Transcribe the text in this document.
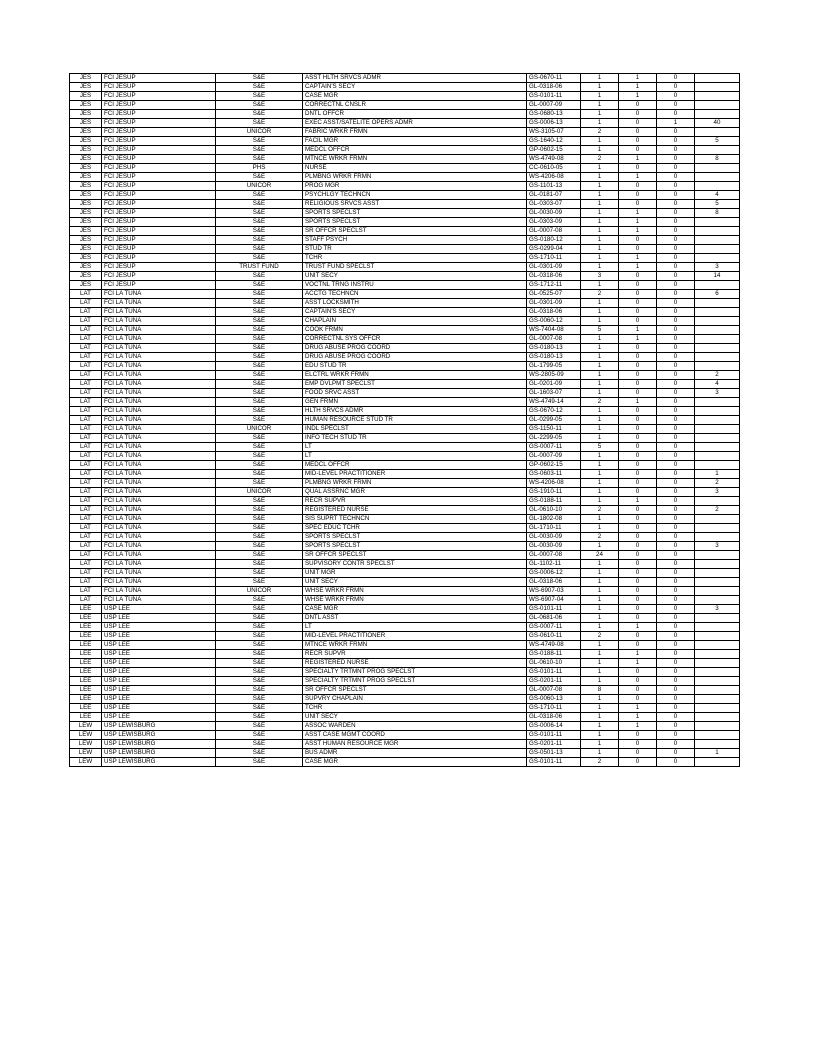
JES	FCI JESUP	S&E	ASST HLTH SRVCS ADMR	GS-0670-11	1	1	0	
JES	FCI JESUP	S&E	CAPTAIN'S SECY	GL-0318-06	1	1	0	
JES	FCI JESUP	S&E	CASE MGR	GS-0101-11	1	1	0	
JES	FCI JESUP	S&E	CORRECTNL CNSLR	GL-0007-09	1	0	0	
JES	FCI JESUP	S&E	DNTL OFFCR	GS-0680-13	1	0	0	
JES	FCI JESUP	S&E	EXEC ASST/SATELITE OPERS ADMR	GS-0006-13	1	0	1	40
JES	FCI JESUP	UNICOR	FABRIC WRKR FRMN	WS-3105-07	2	0	0	
JES	FCI JESUP	S&E	FACIL MGR	GS-1640-12	1	0	0	5
JES	FCI JESUP	S&E	MEDCL OFFCR	GP-0602-15	1	0	0	
JES	FCI JESUP	S&E	MTNCE WRKR FRMN	WS-4749-08	2	1	0	8
JES	FCI JESUP	PHS	NURSE	CC-0610-05	1	0	0	
JES	FCI JESUP	S&E	PLMBNG WRKR FRMN	WS-4206-08	1	1	0	
JES	FCI JESUP	UNICOR	PROG MGR	GS-1101-13	1	0	0	
JES	FCI JESUP	S&E	PSYCHLGY TECHNCN	GL-0181-07	1	0	0	4
JES	FCI JESUP	S&E	RELIGIOUS SRVCS ASST	GL-0303-07	1	0	0	5
JES	FCI JESUP	S&E	SPORTS SPECLST	GL-0030-09	1	1	0	8
JES	FCI JESUP	S&E	SPORTS SPECLST	GL-0303-09	1	1	0	
JES	FCI JESUP	S&E	SR OFFCR SPECLST	GL-0007-08	1	1	0	
JES	FCI JESUP	S&E	STAFF PSYCH	GS-0180-12	1	0	0	
JES	FCI JESUP	S&E	STUD TR	GS-0299-04	1	0	0	
JES	FCI JESUP	S&E	TCHR	GS-1710-11	1	1	0	
JES	FCI JESUP	TRUST FUND	TRUST FUND SPECLST	GL-0301-09	1	1	0	3
JES	FCI JESUP	S&E	UNIT SECY	GL-0318-06	3	0	0	14
JES	FCI JESUP	S&E	VOCTNL TRNG INSTRU	GS-1712-11	1	0	0	
LAT	FCI LA TUNA	S&E	ACCTG TECHNCN	GL-0525-07	2	0	0	6
LAT	FCI LA TUNA	S&E	ASST LOCKSMITH	GL-0301-09	1	0	0	
LAT	FCI LA TUNA	S&E	CAPTAIN'S SECY	GL-0318-06	1	0	0	
LAT	FCI LA TUNA	S&E	CHAPLAIN	GS-0060-12	1	0	0	
LAT	FCI LA TUNA	S&E	COOK FRMN	WS-7404-08	5	1	0	
LAT	FCI LA TUNA	S&E	CORRECTNL SYS OFFCR	GL-0007-08	1	1	0	
LAT	FCI LA TUNA	S&E	DRUG ABUSE PROG COORD	GS-0180-13	1	0	0	
LAT	FCI LA TUNA	S&E	DRUG ABUSE PROG COORD	GS-0180-13	1	0	0	
LAT	FCI LA TUNA	S&E	EDU STUD TR	GL-1799-05	1	0	0	
LAT	FCI LA TUNA	S&E	ELCTRL WRKR FRMN	WS-2805-09	1	0	0	2
LAT	FCI LA TUNA	S&E	EMP DVLPMT SPECLST	GL-0201-09	1	0	0	4
LAT	FCI LA TUNA	S&E	FOOD SRVC ASST	GL-1603-07	1	0	0	3
LAT	FCI LA TUNA	S&E	GEN FRMN	WS-4749-14	2	1	0	
LAT	FCI LA TUNA	S&E	HLTH SRVCS ADMR	GS-0670-12	1	0	0	
LAT	FCI LA TUNA	S&E	HUMAN RESOURCE STUD TR	GL-0299-05	1	0	0	
LAT	FCI LA TUNA	UNICOR	INDL SPECLST	GS-1150-11	1	0	0	
LAT	FCI LA TUNA	S&E	INFO TECH STUD TR	GL-2299-05	1	0	0	
LAT	FCI LA TUNA	S&E	LT	GS-0007-11	5	0	0	
LAT	FCI LA TUNA	S&E	LT	GL-0007-09	1	0	0	
LAT	FCI LA TUNA	S&E	MEDCL OFFCR	GP-0602-15	1	0	0	
LAT	FCI LA TUNA	S&E	MID-LEVEL PRACTITIONER	GS-0603-11	1	0	0	1
LAT	FCI LA TUNA	S&E	PLMBNG WRKR FRMN	WS-4206-08	1	0	0	2
LAT	FCI LA TUNA	UNICOR	QUAL ASSRNC MGR	GS-1910-11	1	0	0	3
LAT	FCI LA TUNA	S&E	RECR SUPVR	GS-0188-11	1	1	0	
LAT	FCI LA TUNA	S&E	REGISTERED NURSE	GL-0610-10	2	0	0	2
LAT	FCI LA TUNA	S&E	SIS SUPRT TECHNCN	GL-1802-08	1	0	0	
LAT	FCI LA TUNA	S&E	SPEC EDUC TCHR	GL-1710-11	1	0	0	
LAT	FCI LA TUNA	S&E	SPORTS SPECLST	GL-0030-09	2	0	0	
LAT	FCI LA TUNA	S&E	SPORTS SPECLST	GL-0030-09	1	0	0	3
LAT	FCI LA TUNA	S&E	SR OFFCR SPECLST	GL-0007-08	24	0	0	
LAT	FCI LA TUNA	S&E	SUPVISORY CONTR SPECLST	GL-1102-11	1	0	0	
LAT	FCI LA TUNA	S&E	UNIT MGR	GS-0006-12	1	0	0	
LAT	FCI LA TUNA	S&E	UNIT SECY	GL-0318-06	1	0	0	
LAT	FCI LA TUNA	UNICOR	WHSE WRKR FRMN	WS-6907-03	1	0	0	
LAT	FCI LA TUNA	S&E	WHSE WRKR FRMN	WS-6907-04	1	0	0	
LEE	USP LEE	S&E	CASE MGR	GS-0101-11	1	0	0	3
LEE	USP LEE	S&E	DNTL ASST	GL-0681-06	1	0	0	
LEE	USP LEE	S&E	LT	GS-0007-11	1	1	0	
LEE	USP LEE	S&E	MID-LEVEL PRACTITIONER	GS-0610-11	2	0	0	
LEE	USP LEE	S&E	MTNCE WRKR FRMN	WS-4749-08	1	0	0	
LEE	USP LEE	S&E	RECR SUPVR	GS-0188-11	1	1	0	
LEE	USP LEE	S&E	REGISTERED NURSE	GL-0610-10	1	1	0	
LEE	USP LEE	S&E	SPECIALTY TRTMNT PROG SPECLST	GS-0101-11	1	0	0	
LEE	USP LEE	S&E	SPECIALTY TRTMNT PROG SPECLST	GS-0201-11	1	0	0	
LEE	USP LEE	S&E	SR OFFCR SPECLST	GL-0007-08	8	0	0	
LEE	USP LEE	S&E	SUPVRY CHAPLAIN	GS-0060-13	1	0	0	
LEE	USP LEE	S&E	TCHR	GS-1710-11	1	1	0	
LEE	USP LEE	S&E	UNIT SECY	GL-0318-06	1	1	0	
LEW	USP LEWISBURG	S&E	ASSOC WARDEN	GS-0006-14	1	1	0	
LEW	USP LEWISBURG	S&E	ASST CASE MGMT COORD	GS-0101-11	1	0	0	
LEW	USP LEWISBURG	S&E	ASST HUMAN RESOURCE MGR	GS-0201-11	1	0	0	
LEW	USP LEWISBURG	S&E	BUS ADMR	GS-0501-13	1	0	0	1
LEW	USP LEWISBURG	S&E	CASE MGR	GS-0101-11	2	0	0	
